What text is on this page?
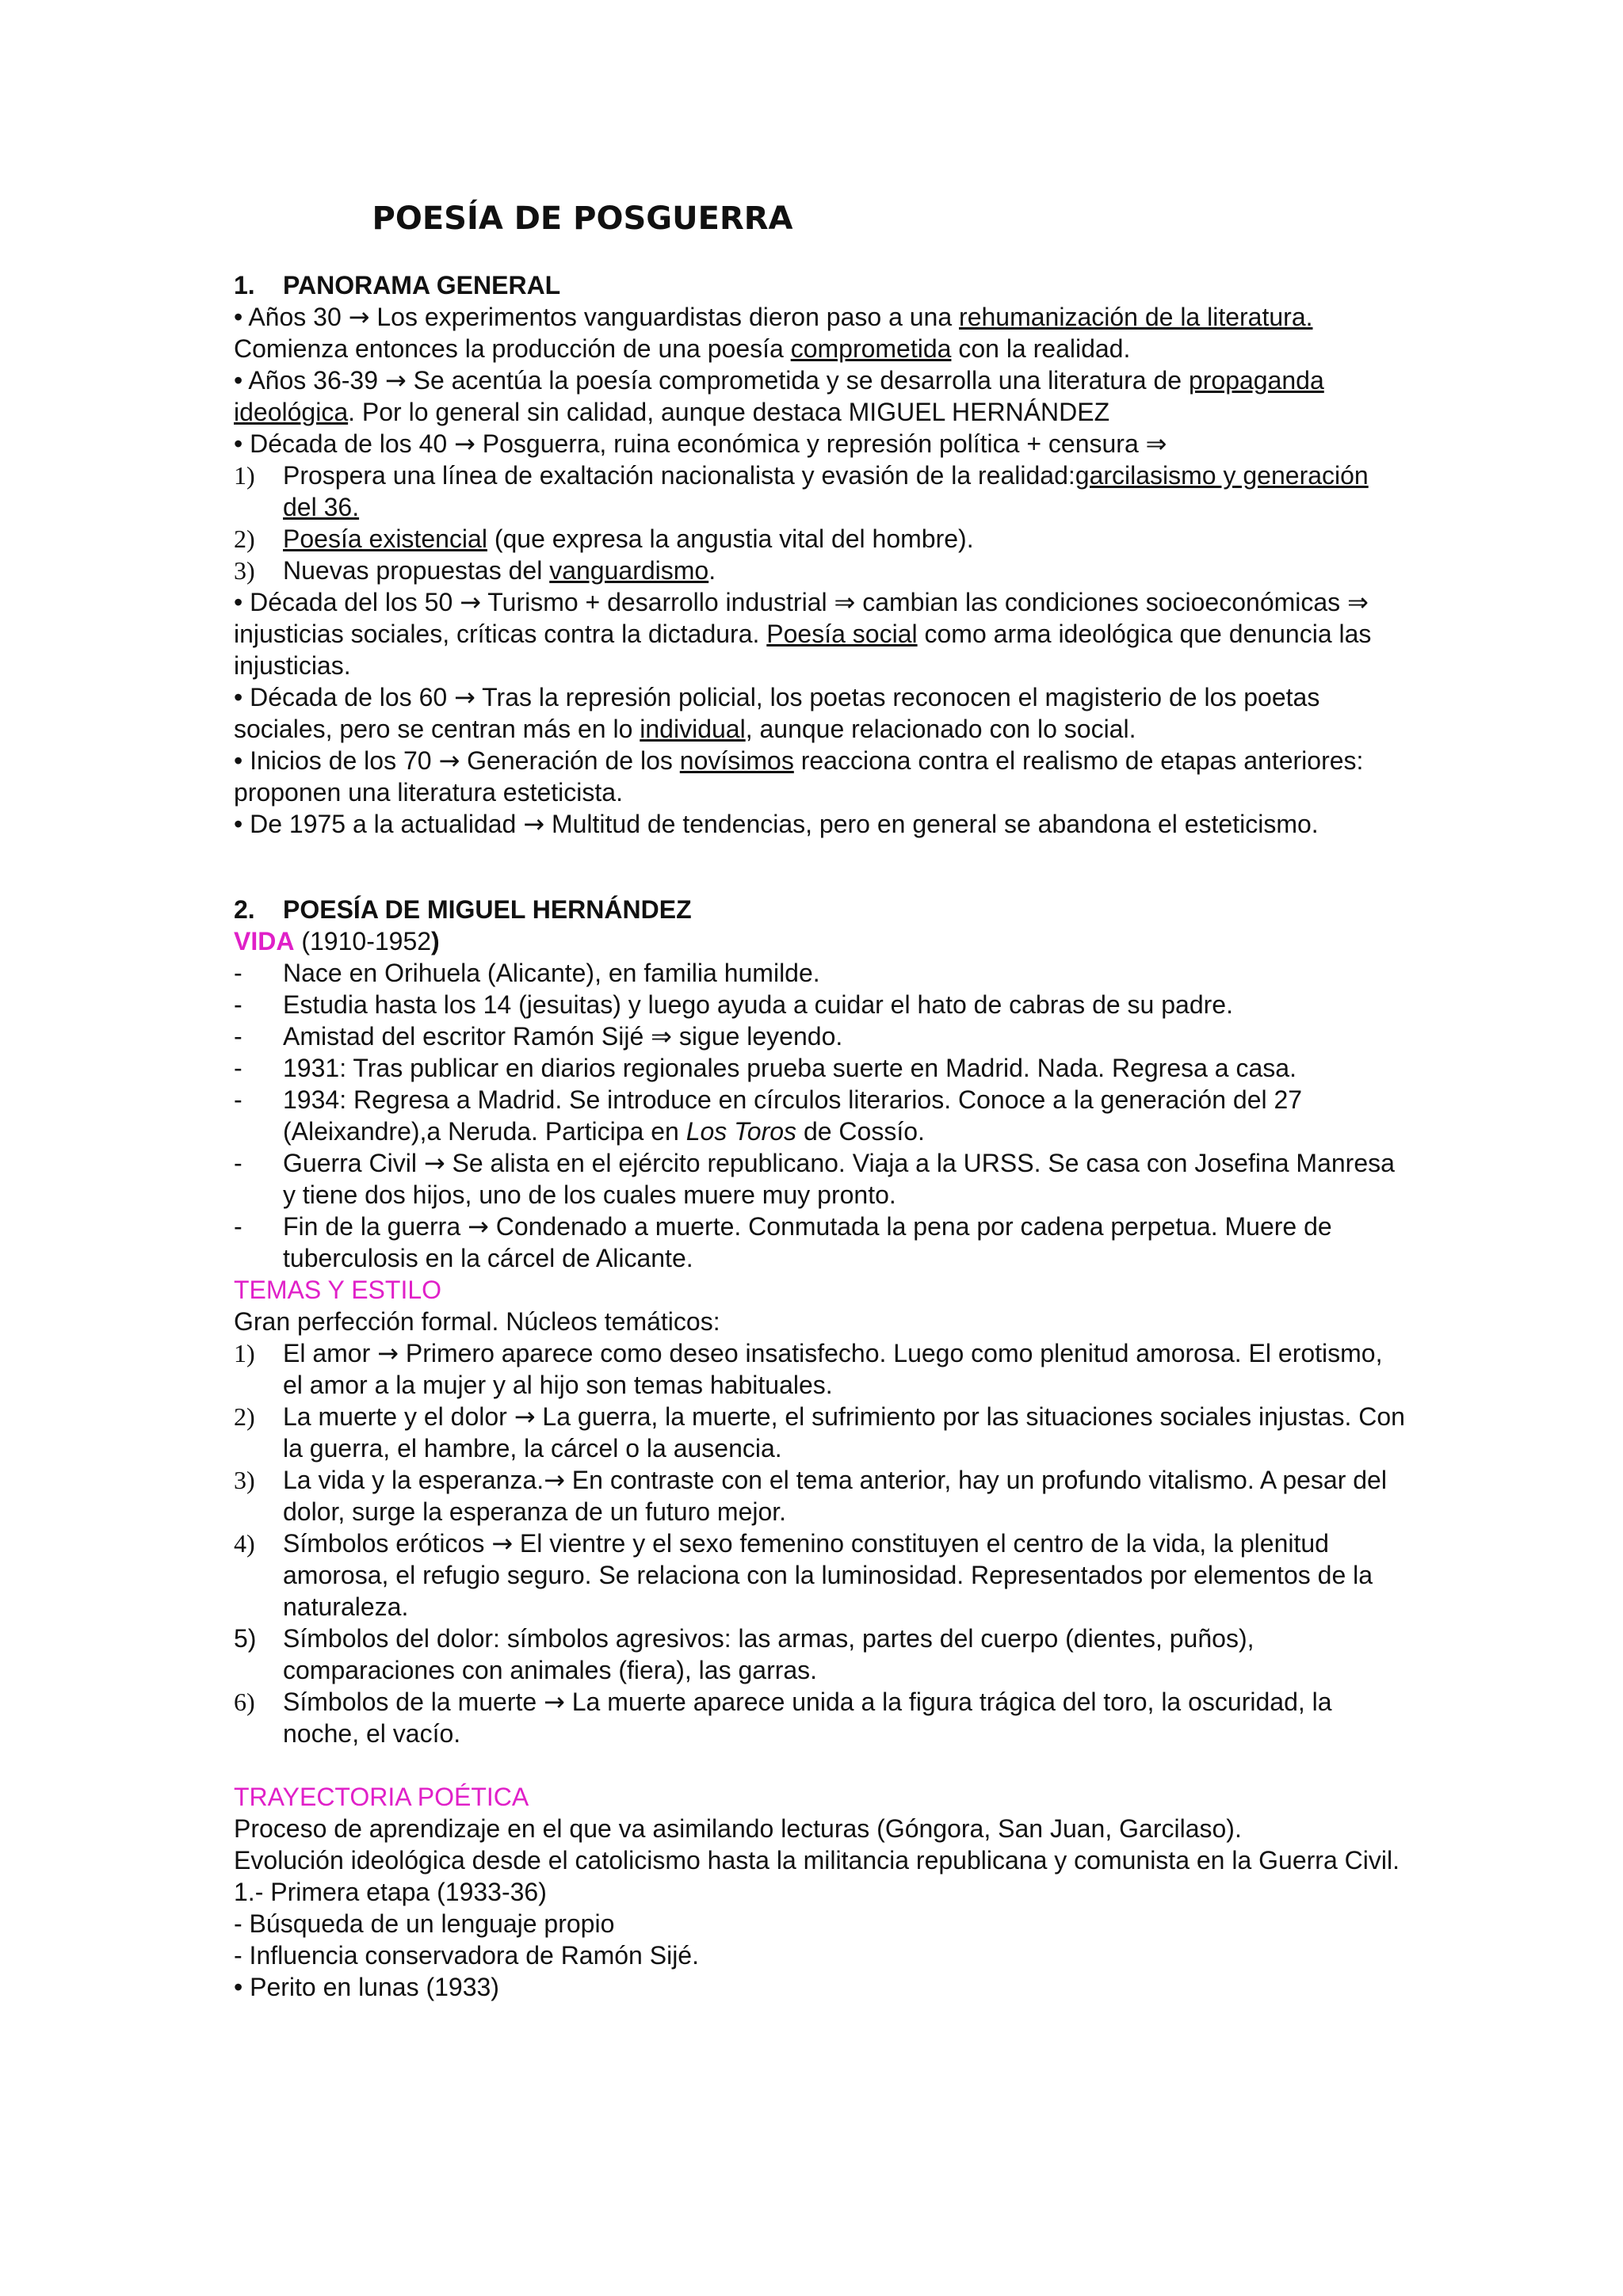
POESÍA DE POSGUERRA
1. PANORAMA GENERAL

• Años 30 → Los experimentos vanguardistas dieron paso a una rehumanización de la literatura. Comienza entonces la producción de una poesía comprometida con la realidad.

• Años 36-39 → Se acentúa la poesía comprometida y se desarrolla una literatura de propaganda ideológica. Por lo general sin calidad, aunque destaca MIGUEL HERNÁNDEZ

• Década de los 40 → Posguerra, ruina económica y represión política + censura ⇒

1)	Prospera una línea de exaltación nacionalista y evasión de la realidad:garcilasismo y generación del 36.
2)	Poesía existencial (que expresa la angustia vital del hombre).
3)	Nuevas propuestas del vanguardismo.

• Década del los 50 → Turismo + desarrollo industrial ⇒ cambian las condiciones socioeconómicas ⇒ injusticias sociales, críticas contra la dictadura. Poesía social como arma ideológica que denuncia las injusticias.

• Década de los 60 → Tras la represión policial, los poetas reconocen el magisterio de los poetas sociales, pero se centran más en lo individual, aunque relacionado con lo social.

• Inicios de los 70 → Generación de los novísimos reacciona contra el realismo de etapas anteriores: proponen una literatura esteticista.

• De 1975 a la actualidad → Multitud de tendencias, pero en general se abandona el esteticismo.

2. POESÍA DE MIGUEL HERNÁNDEZ

VIDA (1910-1952)

-	Nace en Orihuela (Alicante), en familia humilde.
-	Estudia hasta los 14 (jesuitas) y luego ayuda a cuidar el hato de cabras de su padre.
-	Amistad del escritor Ramón Sijé ⇒ sigue leyendo.
-	1931: Tras publicar en diarios regionales prueba suerte en Madrid. Nada. Regresa a casa.
-	1934: Regresa a Madrid. Se introduce en círculos literarios. Conoce a la generación del 27 (Aleixandre),a Neruda. Participa en Los Toros de Cossío.
-	Guerra Civil → Se alista en el ejército republicano. Viaja a la URSS. Se casa con Josefina Manresa y tiene dos hijos, uno de los cuales muere muy pronto.
-	Fin de la guerra → Condenado a muerte. Conmutada la pena por cadena perpetua. Muere de tuberculosis en la cárcel de Alicante.

TEMAS Y ESTILO

Gran perfección formal. Núcleos temáticos:

1)	El amor → Primero aparece como deseo insatisfecho. Luego como plenitud amorosa. El erotismo, el amor a la mujer y al hijo son temas habituales.
2)	La muerte y el dolor → La guerra, la muerte, el sufrimiento por las situaciones sociales injustas. Con la guerra, el hambre, la cárcel o la ausencia.
3)	La vida y la esperanza.→ En contraste con el tema anterior, hay un profundo vitalismo. A pesar del dolor, surge la esperanza de un futuro mejor.
4)	Símbolos eróticos → El vientre y el sexo femenino constituyen el centro de la vida, la plenitud amorosa, el refugio seguro. Se relaciona con la luminosidad. Representados por elementos de la naturaleza.
5)	Símbolos del dolor: símbolos agresivos: las armas, partes del cuerpo (dientes, puños), comparaciones con animales (fiera), las garras.
6)	Símbolos de la muerte → La muerte aparece unida a la figura trágica del toro, la oscuridad, la noche, el vacío.

TRAYECTORIA POÉTICA

Proceso de aprendizaje en el que va asimilando lecturas (Góngora, San Juan, Garcilaso).

Evolución ideológica desde el catolicismo hasta la militancia republicana y comunista en la Guerra Civil.

1.- Primera etapa (1933-36)

- Búsqueda de un lenguaje propio

- Influencia conservadora de Ramón Sijé.

• Perito en lunas (1933)
